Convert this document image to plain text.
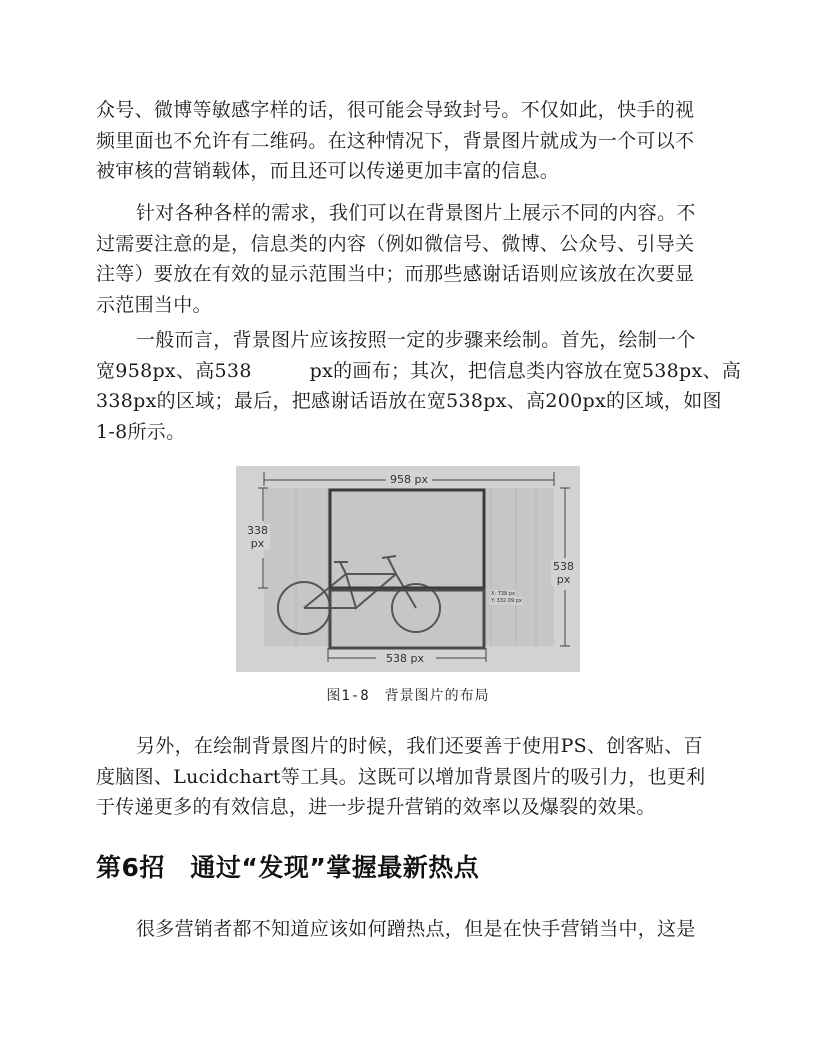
众号、微博等敏感字样的话，很可能会导致封号。不仅如此，快手的视
频里面也不允许有二维码。在这种情况下，背景图片就成为一个可以不
被审核的营销载体，而且还可以传递更加丰富的信息。
针对各种各样的需求，我们可以在背景图片上展示不同的内容。不
过需要注意的是，信息类的内容（例如微信号、微博、公众号、引导关
注等）要放在有效的显示范围当中；而那些感谢话语则应该放在次要显
示范围当中。
一般而言，背景图片应该按照一定的步骤来绘制。首先，绘制一个
宽958px、高538　　　px的画布；其次，把信息类内容放在宽538px、高
338px的区域；最后，把感谢话语放在宽538px、高200px的区域，如图
1-8所示。
958 px
338
px
538
px
538 px
X: 738 px
Y: 332.09 px
图1-8　背景图片的布局
另外，在绘制背景图片的时候，我们还要善于使用PS、创客贴、百
度脑图、Lucidchart等工具。这既可以增加背景图片的吸引力，也更利
于传递更多的有效信息，进一步提升营销的效率以及爆裂的效果。
第6招　通过“发现”掌握最新热点
很多营销者都不知道应该如何蹭热点，但是在快手营销当中，这是
